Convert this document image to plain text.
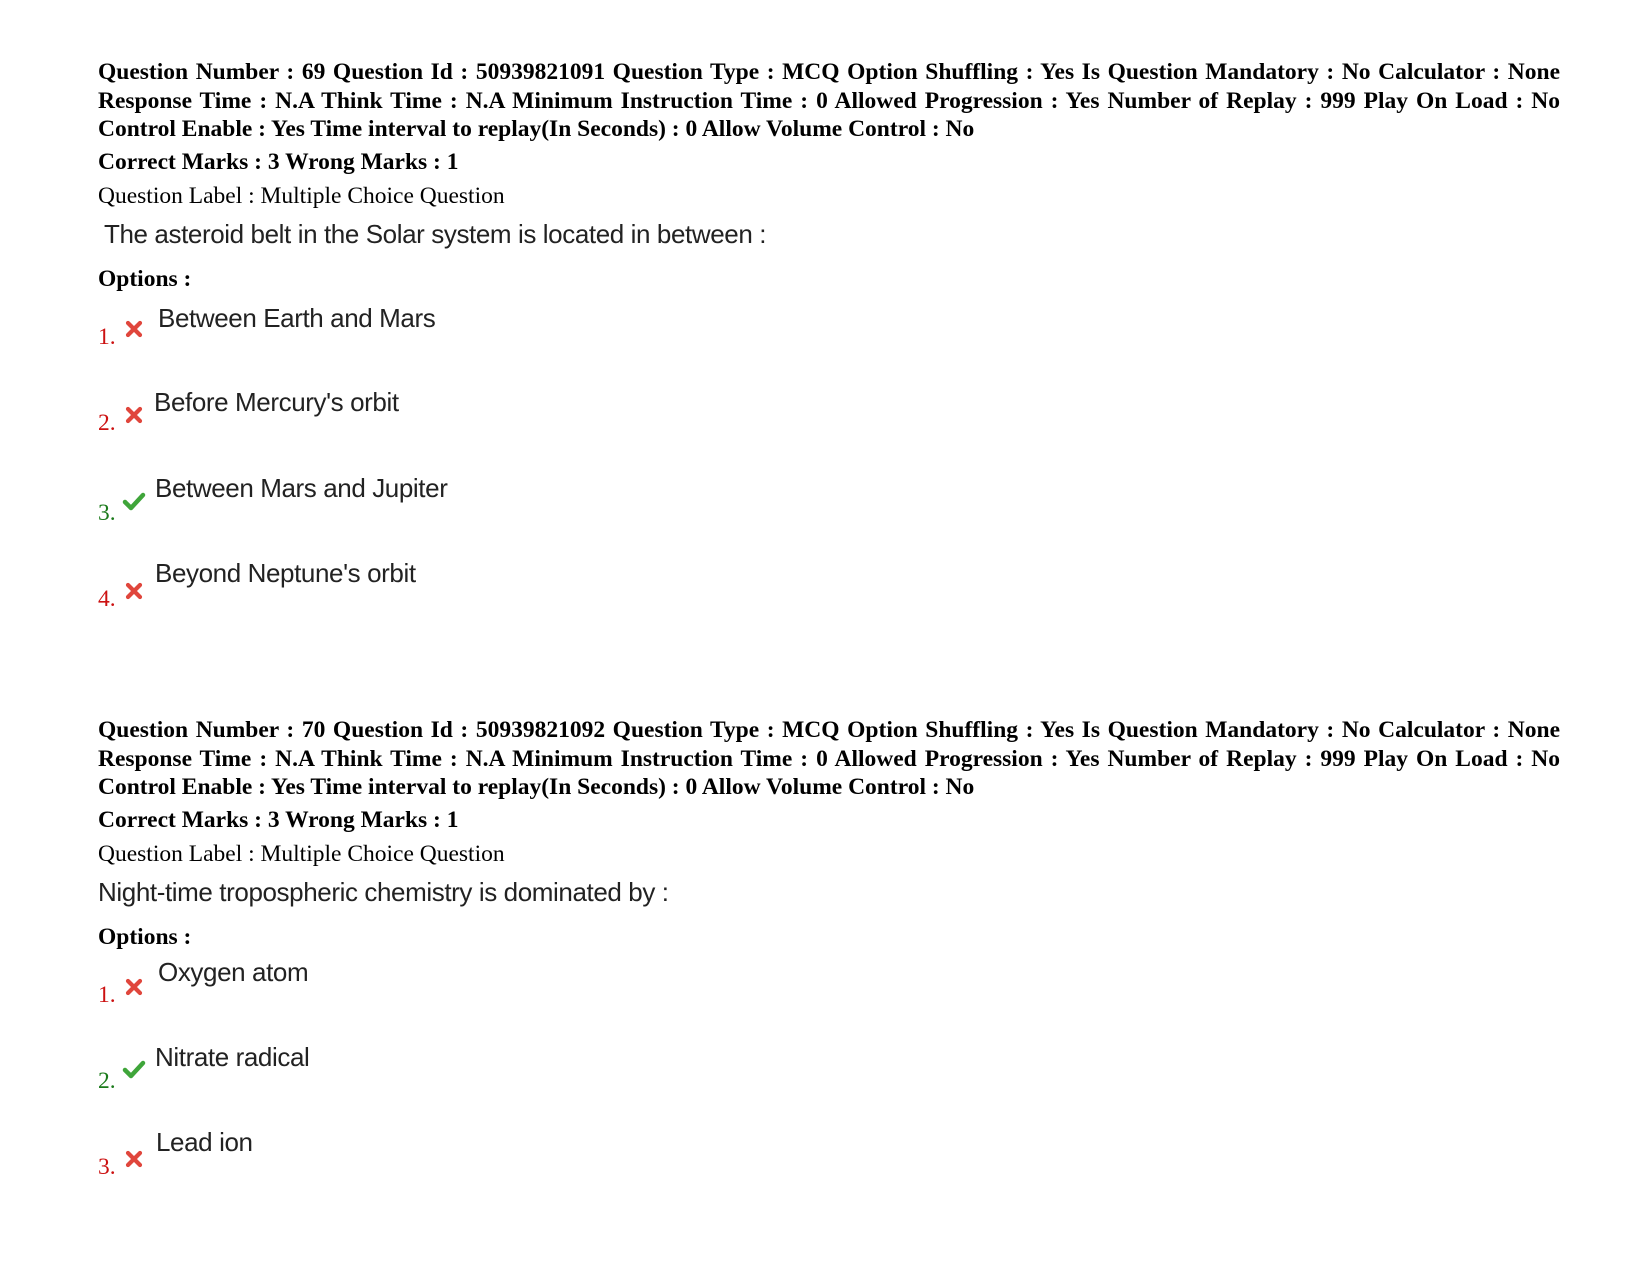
Question Number : 69 Question Id : 50939821091 Question Type : MCQ Option Shuffling : Yes Is Question Mandatory : No Calculator : None Response Time : N.A Think Time : N.A Minimum Instruction Time : 0 Allowed Progression : Yes Number of Replay : 999 Play On Load : No Control Enable : Yes Time interval to replay(In Seconds) : 0 Allow Volume Control : No

Correct Marks : 3 Wrong Marks : 1
Question Label : Multiple Choice Question
The asteroid belt in the Solar system is located in between :
Options :
1.
Between Earth and Mars
2.
Before Mercury's orbit
3.
Between Mars and Jupiter
4.
Beyond Neptune's orbit

Question Number : 70 Question Id : 50939821092 Question Type : MCQ Option Shuffling : Yes Is Question Mandatory : No Calculator : None Response Time : N.A Think Time : N.A Minimum Instruction Time : 0 Allowed Progression : Yes Number of Replay : 999 Play On Load : No Control Enable : Yes Time interval to replay(In Seconds) : 0 Allow Volume Control : No

Correct Marks : 3 Wrong Marks : 1
Question Label : Multiple Choice Question
Night-time tropospheric chemistry is dominated by :
Options :
1.
Oxygen atom
2.
Nitrate radical
3.
Lead ion
